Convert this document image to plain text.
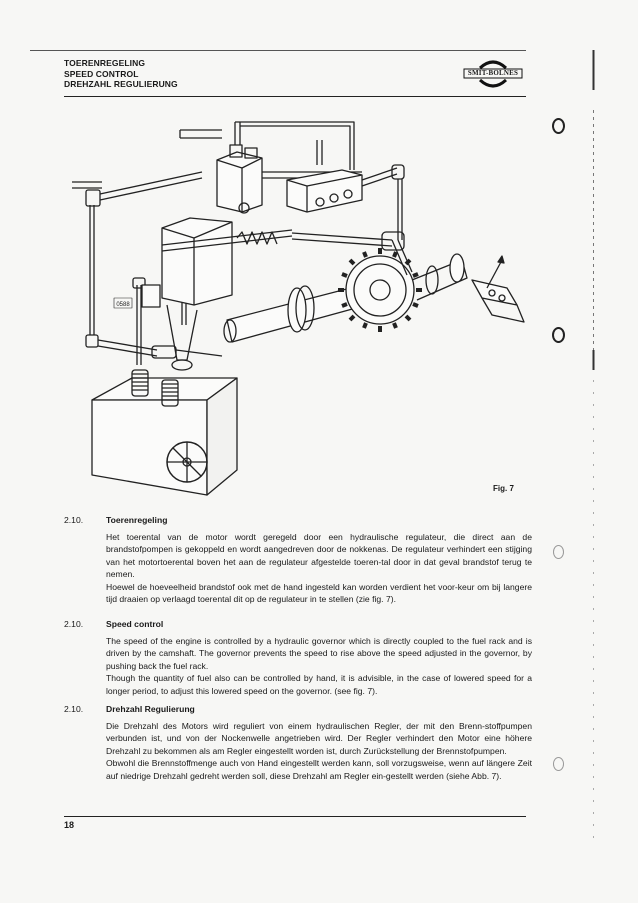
TOERENREGELING
SPEED CONTROL
DREHZAHL REGULIERUNG
SMIT-BOLNES
0588
Fig. 7
2.10.	Toerenregeling

Het toerental van de motor wordt geregeld door een hydraulische regulateur, die direct aan de brandstofpompen is gekoppeld en wordt aangedreven door de nokkenas. De regulateur verhindert een stijging van het motortoerental boven het aan de regulateur afgestelde toeren-tal door in dat geval brandstof terug te nemen.

Hoewel de hoeveelheid brandstof ook met de hand ingesteld kan worden verdient het voor-keur om bij langere tijd draaien op verlaagd toerental dit op de regulateur in te stellen (zie fig. 7).

2.10.	Speed control

The speed of the engine is controlled by a hydraulic governor which is directly coupled to the fuel rack and is driven by the camshaft. The governor prevents the speed to rise above the speed adjusted in the governor, by pushing back the fuel rack.

Though the quantity of fuel also can be controlled by hand, it is advisible, in the case of lowered speed for a longer period, to adjust this lowered speed on the governor. (see fig. 7).

2.10.	Drehzahl Regulierung

Die Drehzahl des Motors wird reguliert von einem hydraulischen Regler, der mit den Brenn-stoffpumpen verbunden ist, und von der Nockenwelle angetrieben wird. Der Regler verhindert den Motor eine höhere Drehzahl zu bekommen als am Regler eingestellt worden ist, durch Zurückstellung der Brennstofpumpen.

Obwohl die Brennstoffmenge auch von Hand eingestellt werden kann, soll vorzugsweise, wenn auf längere Zeit auf niedrige Drehzahl gedreht werden soll, diese Drehzahl am Regler ein-gestellt werden (siehe Abb. 7).

18
